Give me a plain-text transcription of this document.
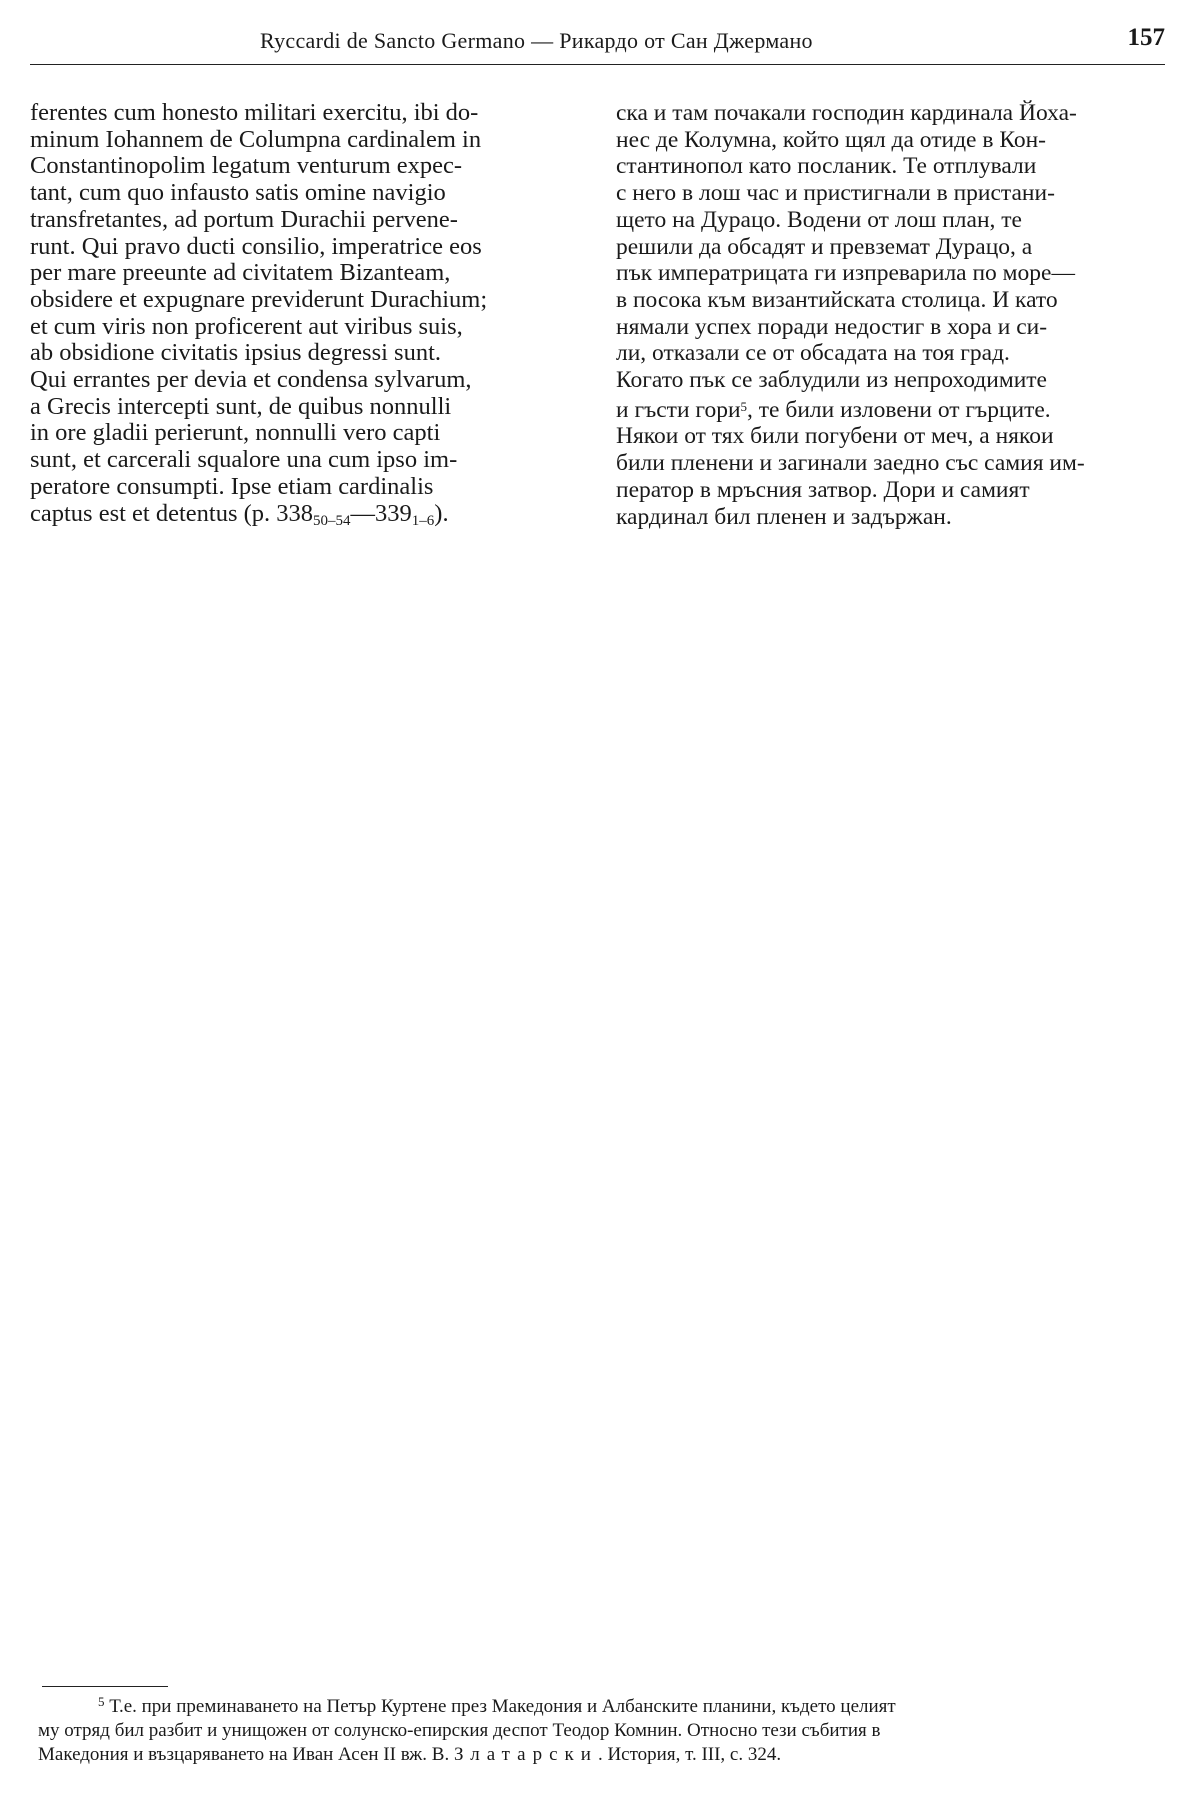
Ryccardi de Sancto Germano — Рикардо от Сан Джермано	157
ferentes cum honesto militari exercitu, ibi do-
minum Iohannem de Columpna cardinalem in
Constantinopolim legatum venturum expec-
tant, cum quo infausto satis omine navigio
transfretantes, ad portum Durachii pervene-
runt. Qui pravo ducti consilio, imperatrice eos
per mare preeunte ad civitatem Bizanteam,
obsidere et expugnare previderunt Durachium;
et cum viris non proficerent aut viribus suis,
ab obsidione civitatis ipsius degressi sunt.
Qui errantes per devia et condensa sylvarum,
a Grecis intercepti sunt, de quibus nonnulli
in ore gladii perierunt, nonnulli vero capti
sunt, et carcerali squalore una cum ipso im-
peratore consumpti. Ipse etiam cardinalis
captus est et detentus (p. $338_{50-54}—339_{1-6}$).
ска и там почакали господин кардинала Йоха-
нес де Колумна, който щял да отиде в Кон-
стантинопол като посланик. Те отплували
с него в лош час и пристигнали в пристани-
щето на Дурацо. Водени от лош план, те
решили да обсадят и превземат Дурацо, а
пък императрицата ги изпреварила по море—
в посока към византийската столица. И като
нямали успех поради недостиг в хора и си-
ли, отказали се от обсадата на тоя град.
Когато пък се заблудили из непроходимите
и гъсти гори$^5$, те били изловени от гърците.
Някои от тях били погубени от меч, а някои
били пленени и загинали заедно със самия им-
ператор в мръсния затвор. Дори и самият
кардинал бил пленен и задържан.
$^5$ Т.е. при преминаването на Петър Куртене през Македония и Албанските планини, където целият
му отряд бил разбит и унищожен от солунско-епирския деспот Теодор Комнин. Относно тези събития в
Македония и възцаряването на Иван Асен II вж. В. Златарски. История, т. III, с. 324.
